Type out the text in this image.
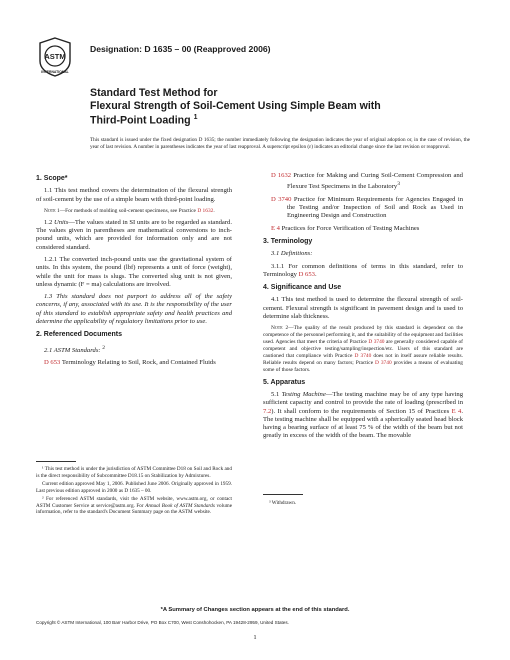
ASTM
INTERNATIONAL
Designation: D 1635 – 00 (Reapproved 2006)
Standard Test Method for
Flexural Strength of Soil-Cement Using Simple Beam with
Third-Point Loading $^1$
This standard is issued under the fixed designation D 1635; the number immediately following the designation indicates the year of original adoption or, in the case of revision, the year of last revision. A number in parentheses indicates the year of last reapproval. A superscript epsilon (ε) indicates an editorial change since the last revision or reapproval.
1. Scope*

1.1 This test method covers the determination of the flexural strength of soil-cement by the use of a simple beam with third-point loading.

Note 1—For methods of molding soil-cement specimens, see Practice D 1632.

1.2 Units—The values stated in SI units are to be regarded as standard. The values given in parentheses are mathematical conversions to inch-pound units, which are provided for information only and are not considered standard.

1.2.1 The converted inch-pound units use the gravitational system of units. In this system, the pound (lbf) represents a unit of force (weight), while the unit for mass is slugs. The converted slug unit is not given, unless dynamic (F = ma) calculations are involved.

1.3 This standard does not purport to address all of the safety concerns, if any, associated with its use. It is the responsibility of the user of this standard to establish appropriate safety and health practices and determine the applicability of regulatory limitations prior to use.

2. Referenced Documents

2.1 ASTM Standards: $^2$

D 653 Terminology Relating to Soil, Rock, and Contained Fluids

D 1632 Practice for Making and Curing Soil-Cement Compression and Flexure Test Specimens in the Laboratory$^3$

D 3740 Practice for Minimum Requirements for Agencies Engaged in the Testing and/or Inspection of Soil and Rock as Used in Engineering Design and Construction

E 4 Practices for Force Verification of Testing Machines

3. Terminology

3.1 Definitions:

3.1.1 For common definitions of terms in this standard, refer to Terminology D 653.

4. Significance and Use

4.1 This test method is used to determine the flexural strength of soil-cement. Flexural strength is significant in pavement design and is used to determine slab thickness.

Note 2—The quality of the result produced by this standard is dependent on the competence of the personnel performing it, and the suitability of the equipment and facilities used. Agencies that meet the criteria of Practice D 3740 are generally considered capable of competent and objective testing/sampling/inspection/etc. Users of this standard are cautioned that compliance with Practice D 3740 does not in itself assure reliable results. Reliable results depend on many factors; Practice D 3740 provides a means of evaluating some of those factors.

5. Apparatus

5.1 Testing Machine—The testing machine may be of any type having sufficient capacity and control to provide the rate of loading (prescribed in 7.2). It shall conform to the requirements of Section 15 of Practices E 4. The testing machine shall be equipped with a spherically seated head block having a bearing surface of at least 75 % of the width of the beam but not greatly in excess of the width of the beam. The movable

¹ This test method is under the jurisdiction of ASTM Committee D18 on Soil and Rock and is the direct responsibility of Subcommittee D18.15 on Stabilization by Admixtures.

Current edition approved May 1, 2006. Published June 2006. Originally approved in 1959. Last previous edition approved in 2000 as D 1635 – 00.

² For referenced ASTM standards, visit the ASTM website, www.astm.org, or contact ASTM Customer Service at service@astm.org. For Annual Book of ASTM Standards volume information, refer to the standard's Document Summary page on the ASTM website.

³ Withdrawn.

*A Summary of Changes section appears at the end of this standard.
Copyright © ASTM International, 100 Barr Harbor Drive, PO Box C700, West Conshohocken, PA 19428-2959, United States.
1
